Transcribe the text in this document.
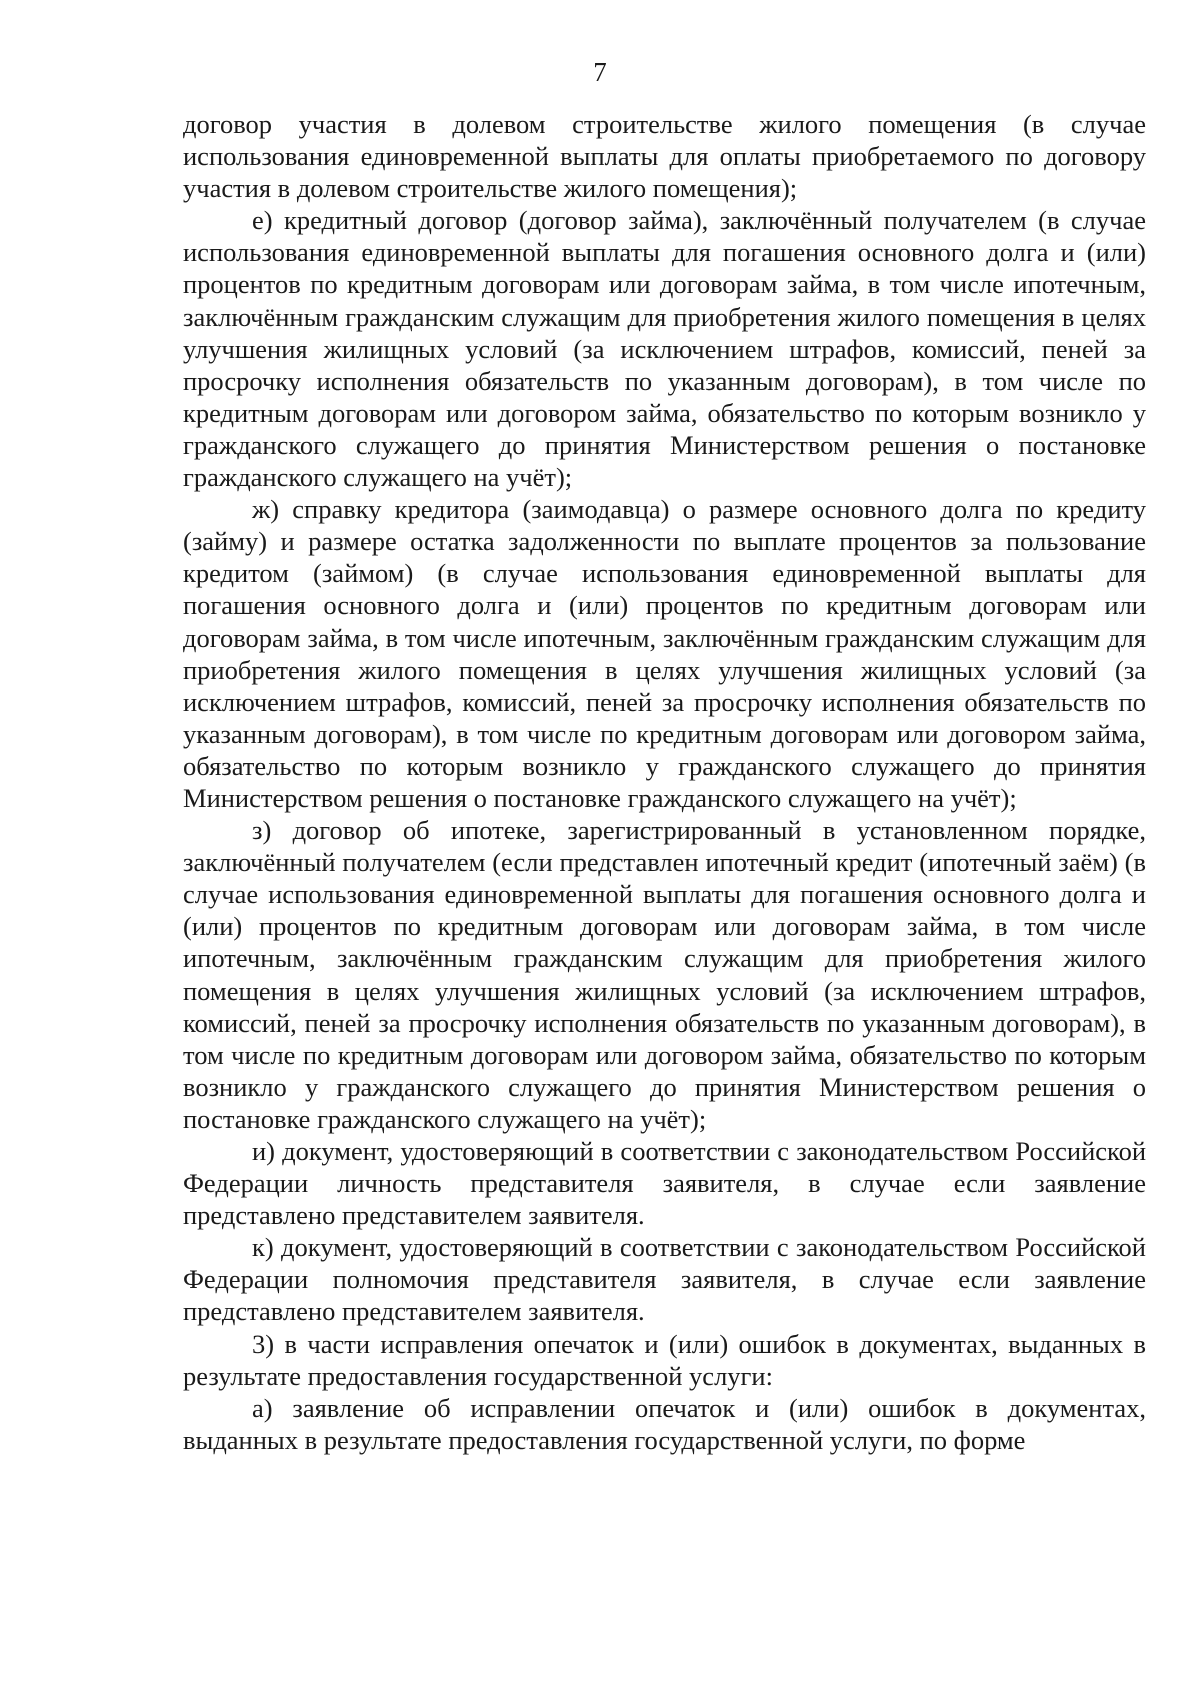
7

договор участия в долевом строительстве жилого помещения (в случае использования единовременной выплаты для оплаты приобретаемого по договору участия в долевом строительстве жилого помещения);

е) кредитный договор (договор займа), заключённый получателем (в случае использования единовременной выплаты для погашения основного долга и (или) процентов по кредитным договорам или договорам займа, в том числе ипотечным, заключённым гражданским служащим для приобретения жилого помещения в целях улучшения жилищных условий (за исключением штрафов, комиссий, пеней за просрочку исполнения обязательств по указанным договорам), в том числе по кредитным договорам или договором займа, обязательство по которым возникло у гражданского служащего до принятия Министерством решения о постановке гражданского служащего на учёт);

ж) справку кредитора (заимодавца) о размере основного долга по кредиту (займу) и размере остатка задолженности по выплате процентов за пользование кредитом (займом) (в случае использования единовременной выплаты для погашения основного долга и (или) процентов по кредитным договорам или договорам займа, в том числе ипотечным, заключённым гражданским служащим для приобретения жилого помещения в целях улучшения жилищных условий (за исключением штрафов, комиссий, пеней за просрочку исполнения обязательств по указанным договорам), в том числе по кредитным договорам или договором займа, обязательство по которым возникло у гражданского служащего до принятия Министерством решения о постановке гражданского служащего на учёт);

з) договор об ипотеке, зарегистрированный в установленном порядке, заключённый получателем (если представлен ипотечный кредит (ипотечный заём) (в случае использования единовременной выплаты для погашения основного долга и (или) процентов по кредитным договорам или договорам займа, в том числе ипотечным, заключённым гражданским служащим для приобретения жилого помещения в целях улучшения жилищных условий (за исключением штрафов, комиссий, пеней за просрочку исполнения обязательств по указанным договорам), в том числе по кредитным договорам или договором займа, обязательство по которым возникло у гражданского служащего до принятия Министерством решения о постановке гражданского служащего на учёт);

и) документ, удостоверяющий в соответствии с законодательством Российской Федерации личность представителя заявителя, в случае если заявление представлено представителем заявителя.

к) документ, удостоверяющий в соответствии с законодательством Российской Федерации полномочия представителя заявителя, в случае если заявление представлено представителем заявителя.

3) в части исправления опечаток и (или) ошибок в документах, выданных в результате предоставления государственной услуги:

а) заявление об исправлении опечаток и (или) ошибок в документах, выданных в результате предоставления государственной услуги, по форме
